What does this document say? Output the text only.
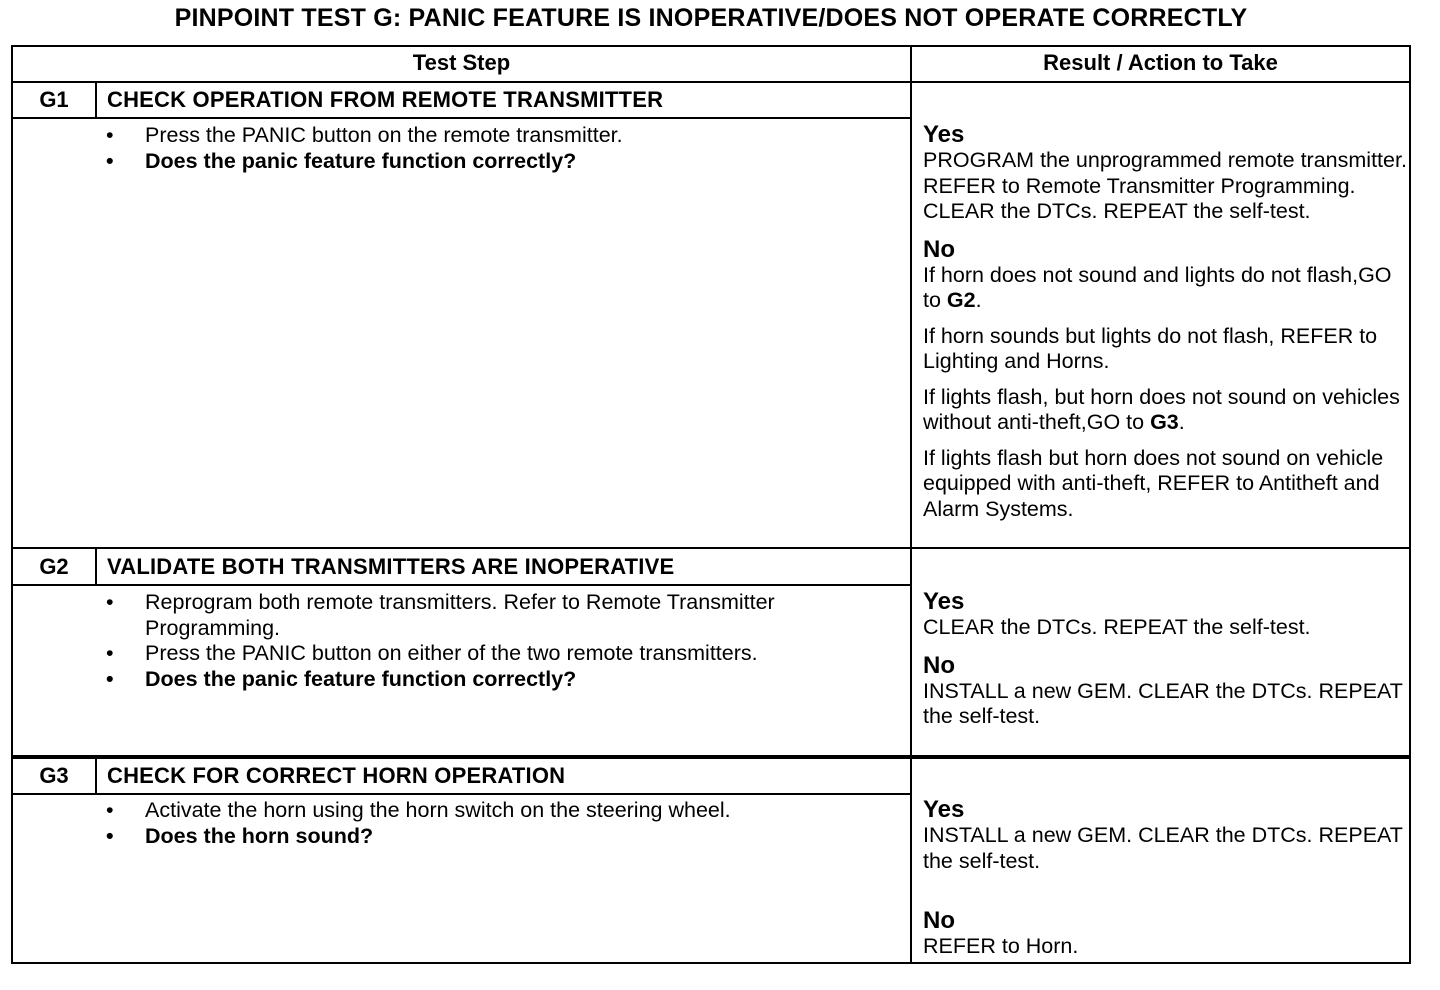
PINPOINT TEST G: PANIC FEATURE IS INOPERATIVE/DOES NOT OPERATE CORRECTLY
Test Step	Result / Action to Take
G1	CHECK OPERATION FROM REMOTE TRANSMITTER
• Press the PANIC button on the remote transmitter.
• Does the panic feature function correctly?
Yes

PROGRAM the unprogrammed remote transmitter. REFER to Remote Transmitter Programming. CLEAR the DTCs. REPEAT the self-test.

No

If horn does not sound and lights do not flash,GO to G2.

If horn sounds but lights do not flash, REFER to Lighting and Horns.

If lights flash, but horn does not sound on vehicles without anti-theft,GO to G3.

If lights flash but horn does not sound on vehicle equipped with anti-theft, REFER to Antitheft and Alarm Systems.

G2	VALIDATE BOTH TRANSMITTERS ARE INOPERATIVE
• Reprogram both remote transmitters. Refer to Remote Transmitter
Programming.
• Press the PANIC button on either of the two remote transmitters.
• Does the panic feature function correctly?
Yes

CLEAR the DTCs. REPEAT the self-test.

No

INSTALL a new GEM. CLEAR the DTCs. REPEAT the self-test.

G3	CHECK FOR CORRECT HORN OPERATION
• Activate the horn using the horn switch on the steering wheel.
• Does the horn sound?
Yes

INSTALL a new GEM. CLEAR the DTCs. REPEAT the self-test.

No

REFER to Horn.
